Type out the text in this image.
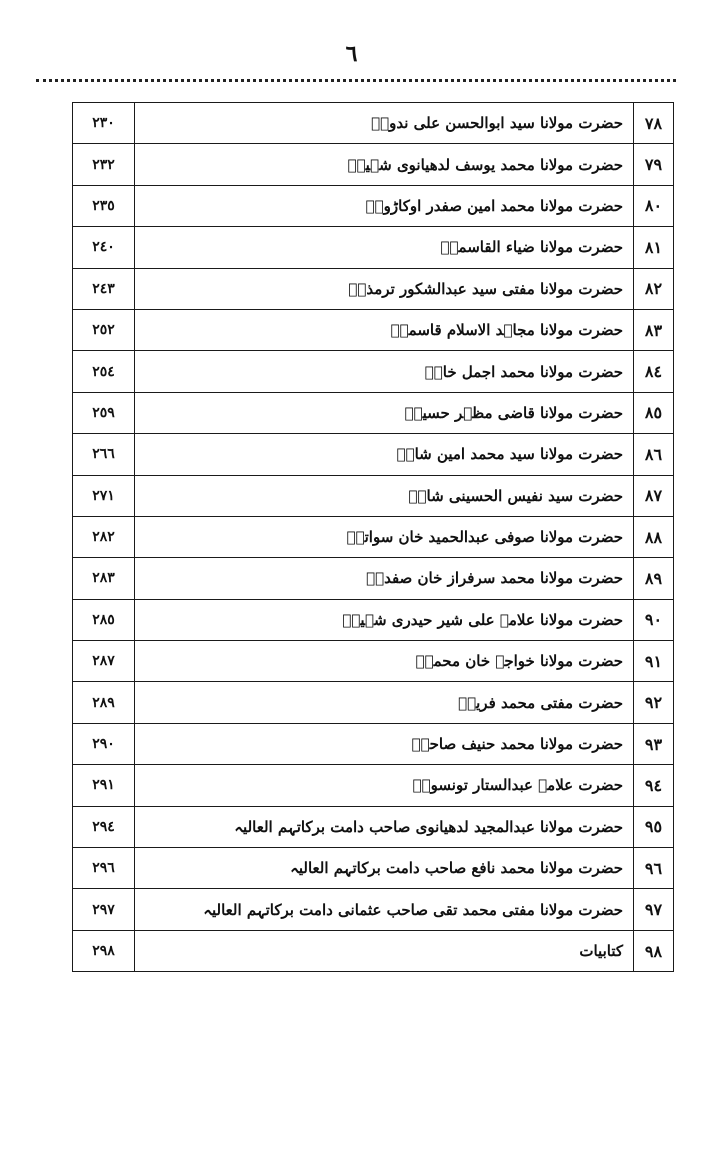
٦
٧٨	حضرت مولانا سید ابوالحسن علی ندویؒ	٢٣٠
٧٩	حضرت مولانا محمد یوسف لدھیانوی شہیدؒ	٢٣٢
٨٠	حضرت مولانا محمد امین صفدر اوکاڑویؒ	٢٣٥
٨١	حضرت مولانا ضیاء القاسمیؒ	٢٤٠
٨٢	حضرت مولانا مفتی سید عبدالشکور ترمذیؒ	٢٤٣
٨٣	حضرت مولانا مجاہد الاسلام قاسمیؒ	٢٥٢
٨٤	حضرت مولانا محمد اجمل خانؒ	٢٥٤
٨٥	حضرت مولانا قاضی مظہر حسینؒ	٢٥٩
٨٦	حضرت مولانا سید محمد امین شاہؒ	٢٦٦
٨٧	حضرت سید نفیس الحسینی شاہؒ	٢٧١
٨٨	حضرت مولانا صوفی عبدالحمید خان سواتیؒ	٢٨٢
٨٩	حضرت مولانا محمد سرفراز خان صفدرؒ	٢٨٣
٩٠	حضرت مولانا علامہ علی شیر حیدری شہیدؒ	٢٨٥
٩١	حضرت مولانا خواجہ خان محمدؒ	٢٨٧
٩٢	حضرت مفتی محمد فریدؒ	٢٨٩
٩٣	حضرت مولانا محمد حنیف صاحبؒ	٢٩٠
٩٤	حضرت علامہ عبدالستار تونسویؒ	٢٩١
٩٥	حضرت مولانا عبدالمجید لدھیانوی صاحب دامت برکاتہم العالیہ	٢٩٤
٩٦	حضرت مولانا محمد نافع صاحب دامت برکاتہم العالیہ	٢٩٦
٩٧	حضرت مولانا مفتی محمد تقی صاحب عثمانی دامت برکاتہم العالیہ	٢٩٧
٩٨	کتابیات	٢٩٨
